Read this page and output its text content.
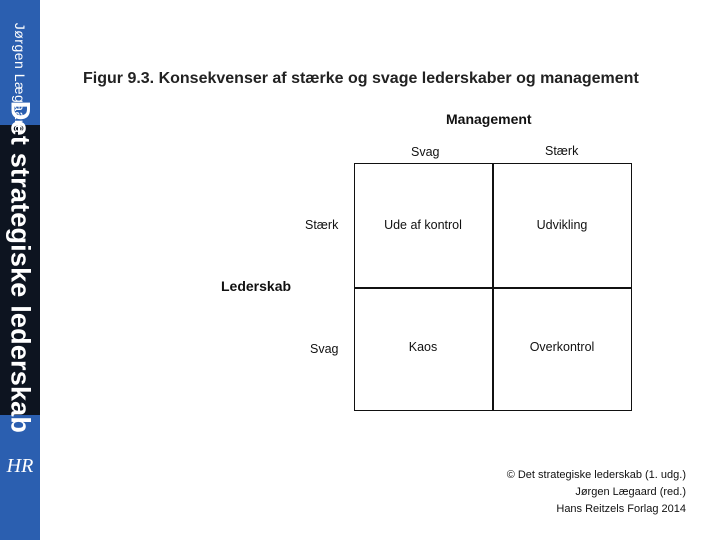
Jørgen Lægaard
Det strategiske lederskab
HR
Figur 9.3. Konsekvenser af stærke og svage lederskaber og management
Management
Svag	Stærk
Lederskab
Stærk
Svag
Ude af kontrol	Udvikling
Kaos	Overkontrol
© Det strategiske lederskab (1. udg.)
Jørgen Lægaard (red.)
Hans Reitzels Forlag 2014
